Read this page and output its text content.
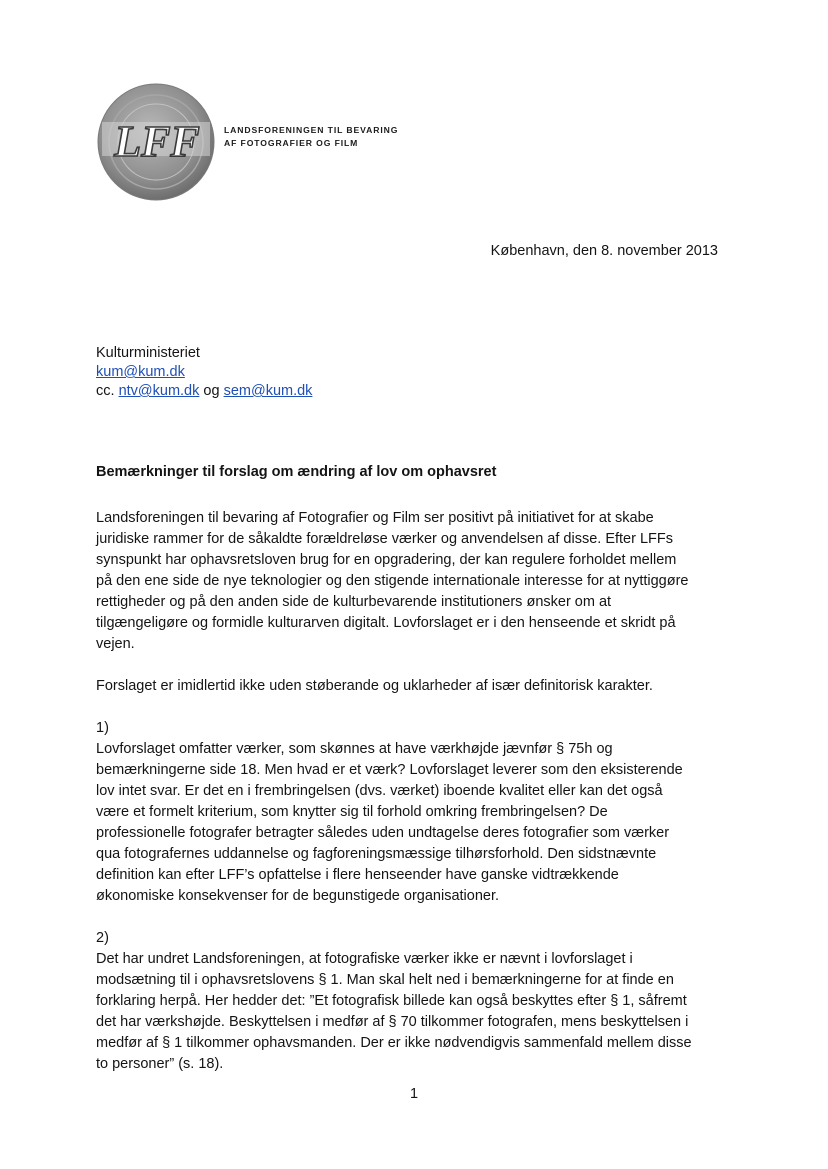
LFF	LANDSFORENINGEN TIL BEVARING
AF FOTOGRAFIER OG FILM
København, den 8. november 2013
Kulturministeriet
kum@kum.dk
cc. ntv@kum.dk og sem@kum.dk
Bemærkninger til forslag om ændring af lov om ophavsret

Landsforeningen til bevaring af Fotografier og Film ser positivt på initiativet for at skabe

juridiske rammer for de såkaldte forældreløse værker og anvendelsen af disse. Efter LFFs

synspunkt har ophavsretsloven brug for en opgradering, der kan regulere forholdet mellem

på den ene side de nye teknologier og den stigende internationale interesse for at nyttiggøre

rettigheder og på den anden side de kulturbevarende institutioners ønsker om at

tilgængeligøre og formidle kulturarven digitalt. Lovforslaget er i den henseende et skridt på

vejen.

Forslaget er imidlertid ikke uden støberande og uklarheder af især definitorisk karakter.

1)

Lovforslaget omfatter værker, som skønnes at have værkhøjde jævnfør § 75h og

bemærkningerne side 18. Men hvad er et værk? Lovforslaget leverer som den eksisterende

lov intet svar. Er det en i frembringelsen (dvs. værket) iboende kvalitet eller kan det også

være et formelt kriterium, som knytter sig til forhold omkring frembringelsen? De

professionelle fotografer betragter således uden undtagelse deres fotografier som værker

qua fotografernes uddannelse og fagforeningsmæssige tilhørsforhold. Den sidstnævnte

definition kan efter LFF’s opfattelse i flere henseender have ganske vidtrækkende

økonomiske konsekvenser for de begunstigede organisationer.

2)

Det har undret Landsforeningen, at fotografiske værker ikke er nævnt i lovforslaget i

modsætning til i ophavsretslovens § 1. Man skal helt ned i bemærkningerne for at finde en

forklaring herpå. Her hedder det: ”Et fotografisk billede kan også beskyttes efter § 1, såfremt

det har værkshøjde. Beskyttelsen i medfør af § 70 tilkommer fotografen, mens beskyttelsen i

medfør af § 1 tilkommer ophavsmanden. Der er ikke nødvendigvis sammenfald mellem disse

to personer” (s. 18).

1
